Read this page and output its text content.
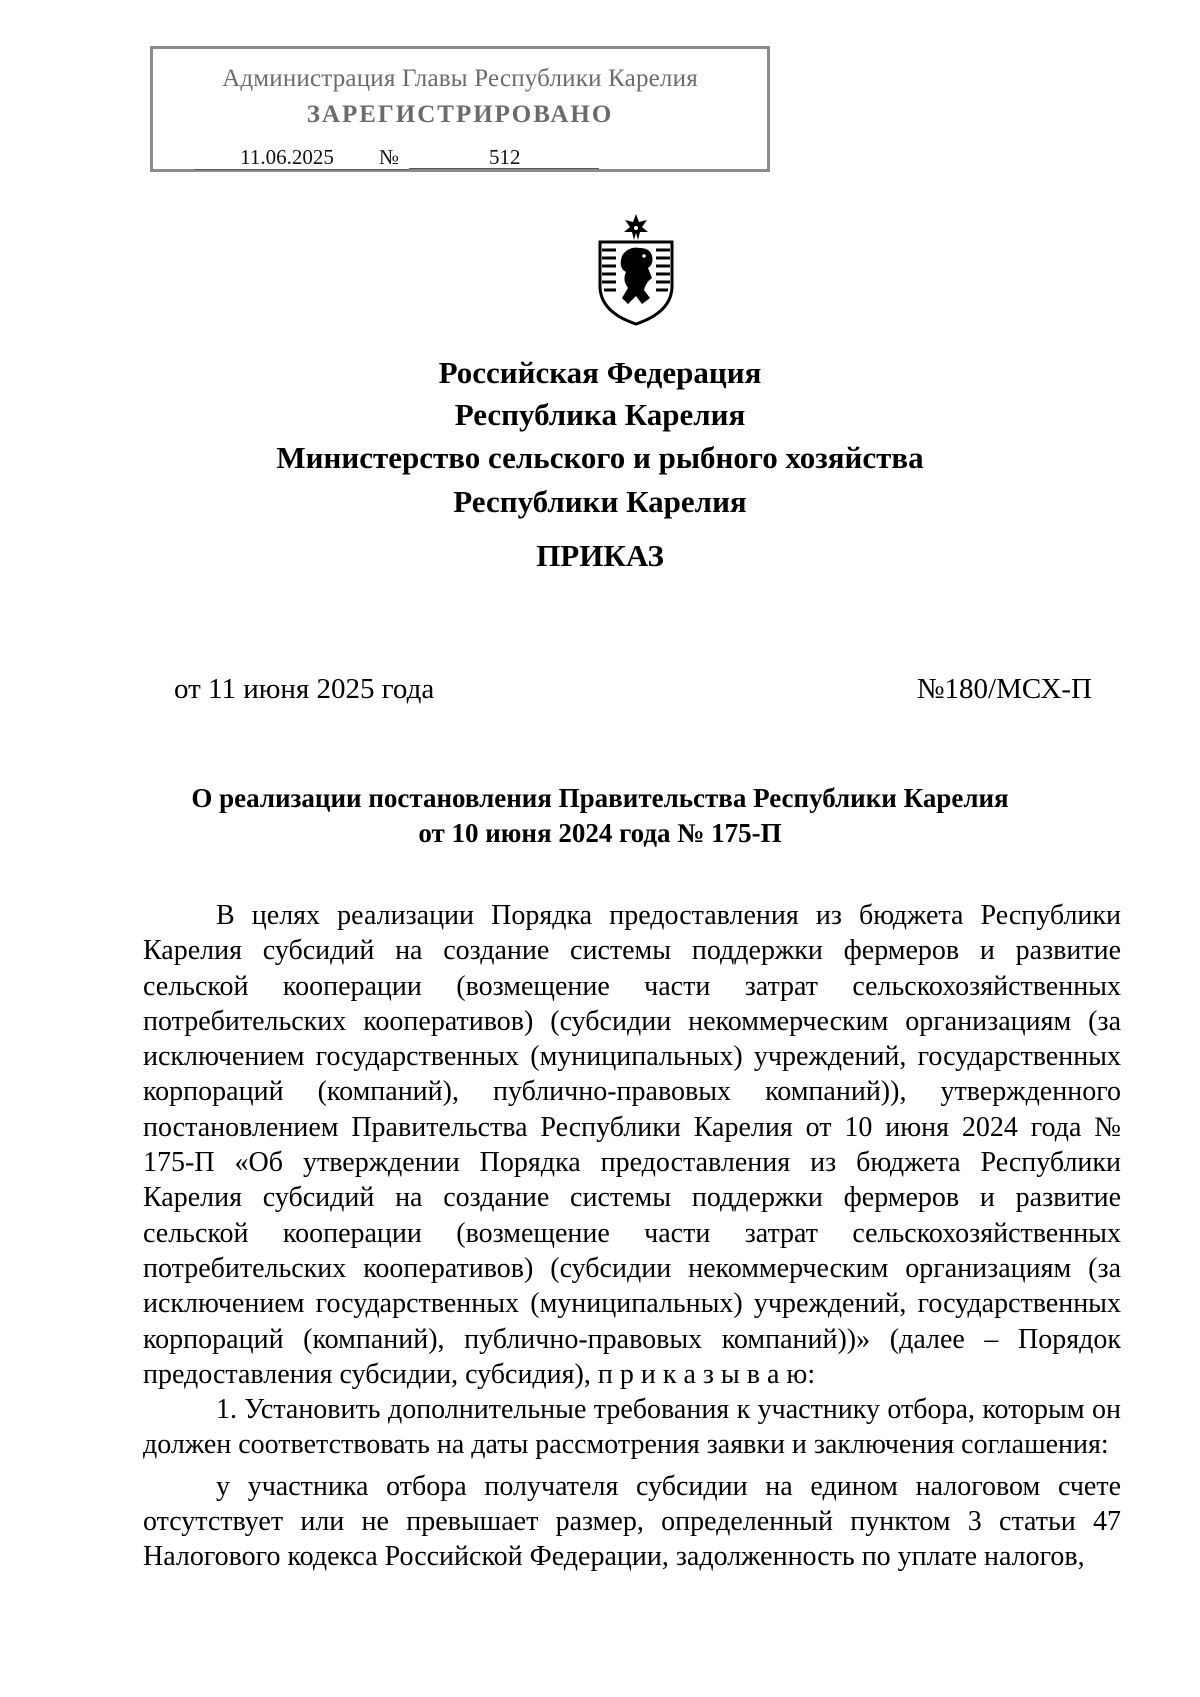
Администрация Главы Республики Карелия
ЗАРЕГИСТРИРОВАНО
11.06.2025	№	512
Российская Федерация
Республика Карелия
Министерство сельского и рыбного хозяйства
Республики Карелия
ПРИКАЗ
от 11 июня 2025 года	№180/МСХ-П
О реализации постановления Правительства Республики Карелия
от 10 июня 2024 года № 175-П

В целях реализации Порядка предоставления из бюджета Республики Карелия субсидий на создание системы поддержки фермеров и развитие сельской кооперации (возмещение части затрат сельскохозяйственных потребительских кооперативов) (субсидии некоммерческим организациям (за исключением государственных (муниципальных) учреждений, государственных корпораций (компаний), публично-правовых компаний)), утвержденного постановлением Правительства Республики Карелия от 10 июня 2024 года № 175-П «Об утверждении Порядка предоставления из бюджета Республики Карелия субсидий на создание системы поддержки фермеров и развитие сельской кооперации (возмещение части затрат сельскохозяйственных потребительских кооперативов) (субсидии некоммерческим организациям (за исключением государственных (муниципальных) учреждений, государственных корпораций (компаний), публично-правовых компаний))» (далее – Порядок предоставления субсидии, субсидия), п р и к а з ы в а ю:

1. Установить дополнительные требования к участнику отбора, которым он должен соответствовать на даты рассмотрения заявки и заключения соглашения:

у участника отбора получателя субсидии на едином налоговом счете отсутствует или не превышает размер, определенный пунктом 3 статьи 47 Налогового кодекса Российской Федерации, задолженность по уплате налогов,
